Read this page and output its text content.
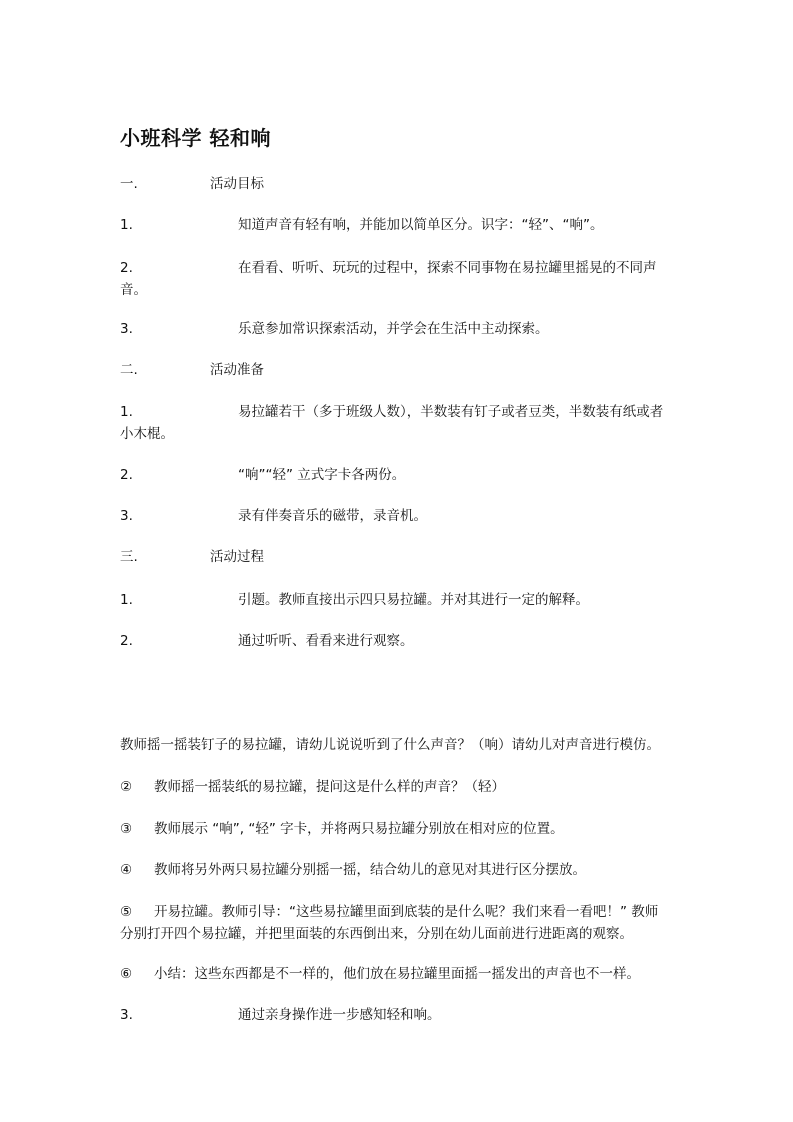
小班科学 轻和响
一.	活动目标
1.	知道声音有轻有响，并能加以简单区分。识字：“轻”、“响”。
2.	在看看、听听、玩玩的过程中，探索不同事物在易拉罐里摇晃的不同声
音。
3.	乐意参加常识探索活动，并学会在生活中主动探索。
二.	活动准备
1.	易拉罐若干（多于班级人数），半数装有钉子或者豆类，半数装有纸或者
小木棍。
2.	“响”“轻” 立式字卡各两份。
3.	录有伴奏音乐的磁带，录音机。
三.	活动过程
1.	引题。教师直接出示四只易拉罐。并对其进行一定的解释。
2.	通过听听、看看来进行观察。
教师摇一摇装钉子的易拉罐，请幼儿说说听到了什么声音？（响）请幼儿对声音进行模仿。
②	教师摇一摇装纸的易拉罐，提问这是什么样的声音？（轻）
③	教师展示 “响”, “轻” 字卡，并将两只易拉罐分别放在相对应的位置。
④	教师将另外两只易拉罐分别摇一摇，结合幼儿的意见对其进行区分摆放。
⑤	开易拉罐。教师引导：“这些易拉罐里面到底装的是什么呢？我们来看一看吧！” 教师
分别打开四个易拉罐，并把里面装的东西倒出来，分别在幼儿面前进行进距离的观察。
⑥	小结：这些东西都是不一样的，他们放在易拉罐里面摇一摇发出的声音也不一样。
3.	通过亲身操作进一步感知轻和响。
